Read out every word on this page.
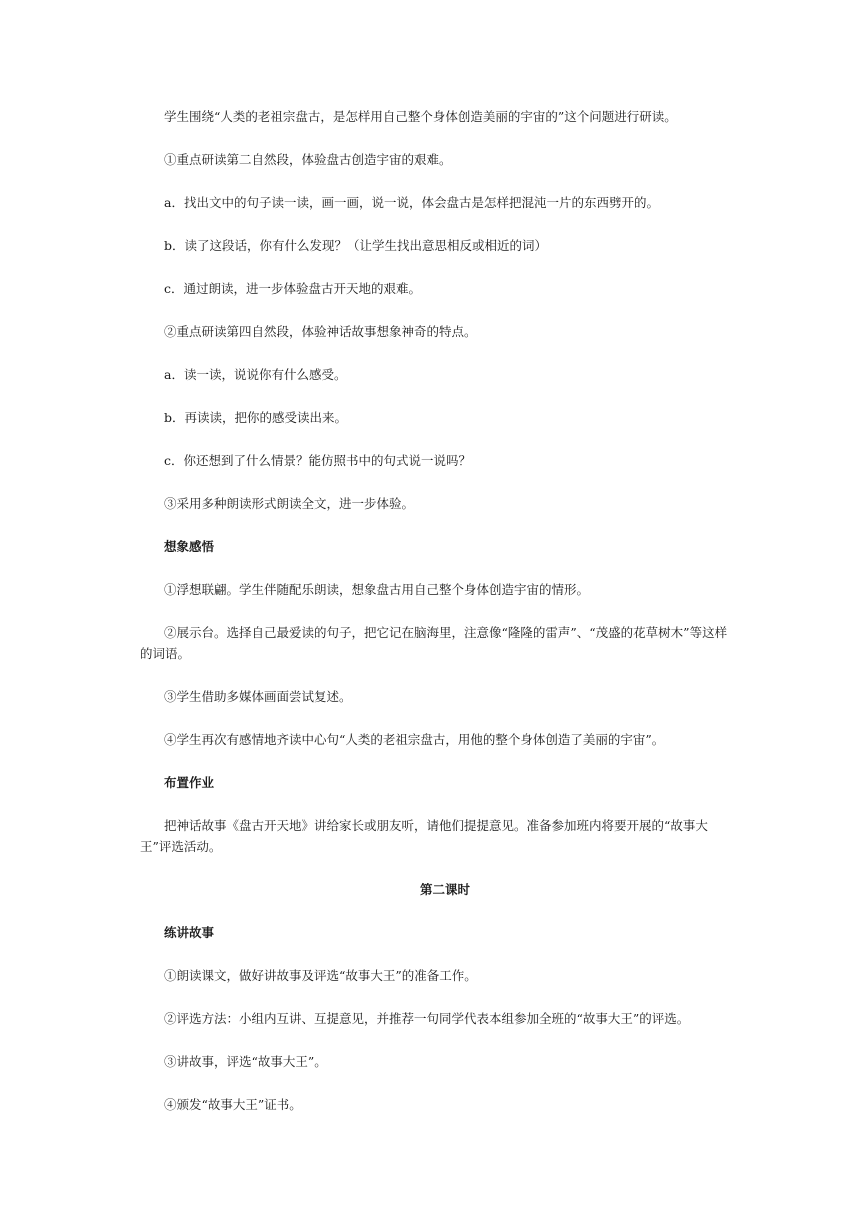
学生围绕“人类的老祖宗盘古，是怎样用自己整个身体创造美丽的宇宙的”这个问题进行研读。
①重点研读第二自然段，体验盘古创造宇宙的艰难。
a．找出文中的句子读一读，画一画，说一说，体会盘古是怎样把混沌一片的东西劈开的。
b．读了这段话，你有什么发现？（让学生找出意思相反或相近的词）
c．通过朗读，进一步体验盘古开天地的艰难。
②重点研读第四自然段，体验神话故事想象神奇的特点。
a．读一读，说说你有什么感受。
b．再读读，把你的感受读出来。
c．你还想到了什么情景？能仿照书中的句式说一说吗？
③采用多种朗读形式朗读全文，进一步体验。
想象感悟
①浮想联翩。学生伴随配乐朗读，想象盘古用自己整个身体创造宇宙的情形。
②展示台。选择自己最爱读的句子，把它记在脑海里，注意像“隆隆的雷声”、“茂盛的花草树木”等这样的词语。
③学生借助多媒体画面尝试复述。
④学生再次有感情地齐读中心句“人类的老祖宗盘古，用他的整个身体创造了美丽的宇宙”。
布置作业
把神话故事《盘古开天地》讲给家长或朋友听，请他们提提意见。准备参加班内将要开展的“故事大王”评选活动。
第二课时
练讲故事
①朗读课文，做好讲故事及评选“故事大王”的准备工作。
②评选方法：小组内互讲、互提意见，并推荐一句同学代表本组参加全班的“故事大王”的评选。
③讲故事，评选“故事大王”。
④颁发“故事大王”证书。
